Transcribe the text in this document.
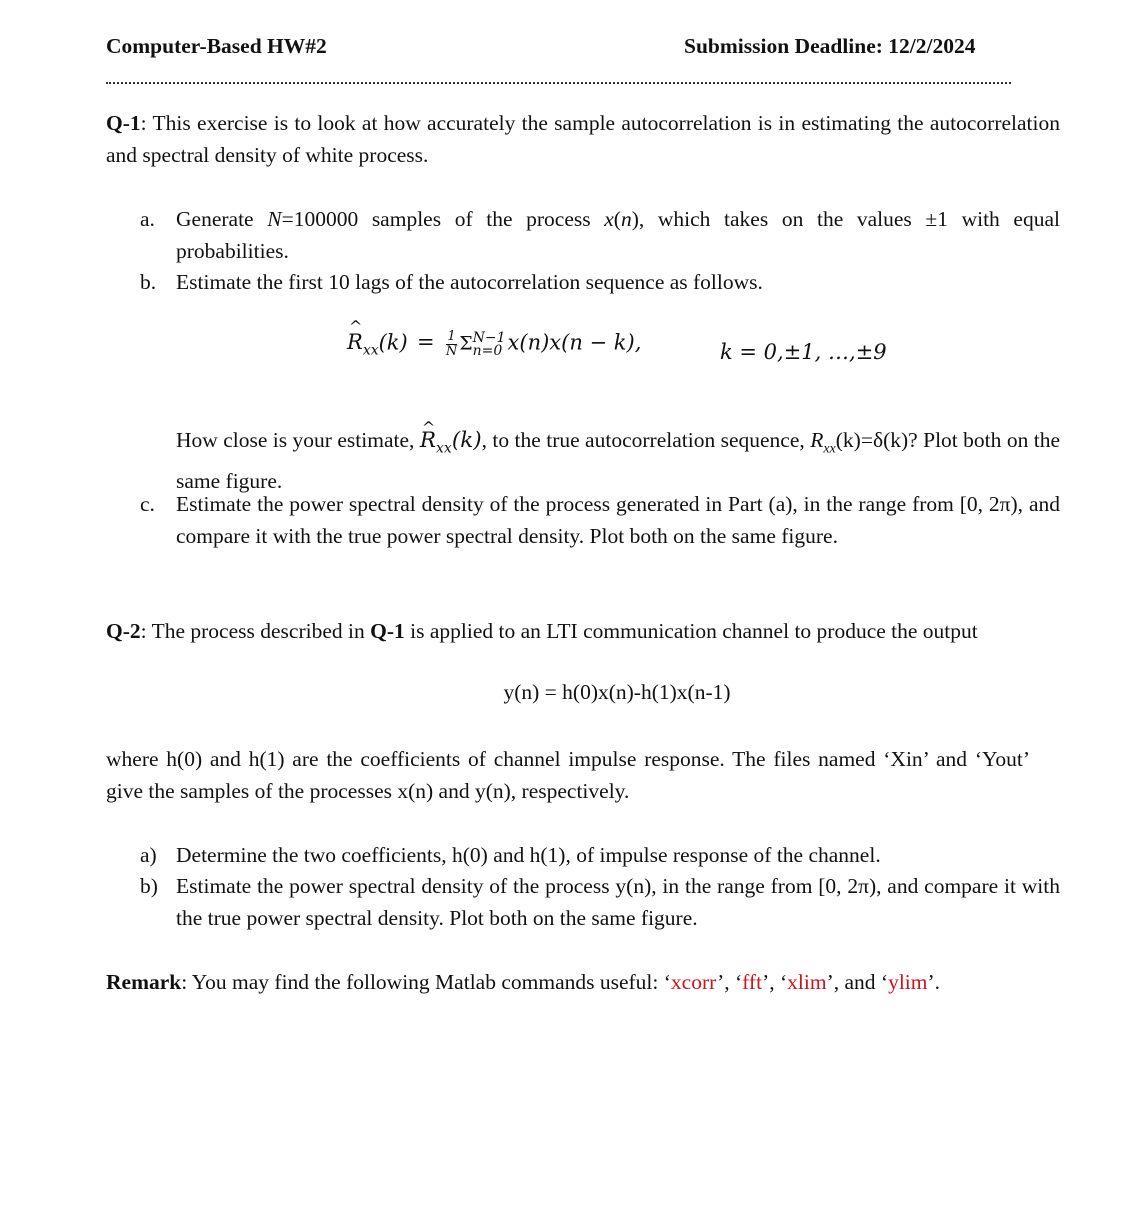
Computer-Based HW#2	Submission Deadline: 12/2/2024
Q-1: This exercise is to look at how accurately the sample autocorrelation is in estimating the autocorrelation and spectral density of white process.
a. Generate N=100000 samples of the process x(n), which takes on the values ±1 with equal probabilities.
b. Estimate the first 10 lags of the autocorrelation sequence as follows.
^ $R_{xx}(k) = \frac{1}{N}$ Σ N−1
n=0 x(n)x(n − k),	k = 0,±1, …,±9
How close is your estimate, ^ $R_{xx}(k)$, to the true autocorrelation sequence, $R_{xx}(k)=\delta(k)$? Plot both on the same figure.
c. Estimate the power spectral density of the process generated in Part (a), in the range from [0, 2π), and compare it with the true power spectral density. Plot both on the same figure.
Q-2: The process described in Q-1 is applied to an LTI communication channel to produce the output
y(n) = h(0)x(n)-h(1)x(n-1)
where h(0) and h(1) are the coefficients of channel impulse response. The files named ‘Xin’ and ‘Yout’ give the samples of the processes x(n) and y(n), respectively.
a) Determine the two coefficients, h(0) and h(1), of impulse response of the channel.
b) Estimate the power spectral density of the process y(n), in the range from [0, 2π), and compare it with the true power spectral density. Plot both on the same figure.
Remark: You may find the following Matlab commands useful: ‘xcorr’, ‘fft’, ‘xlim’, and ‘ylim’.
